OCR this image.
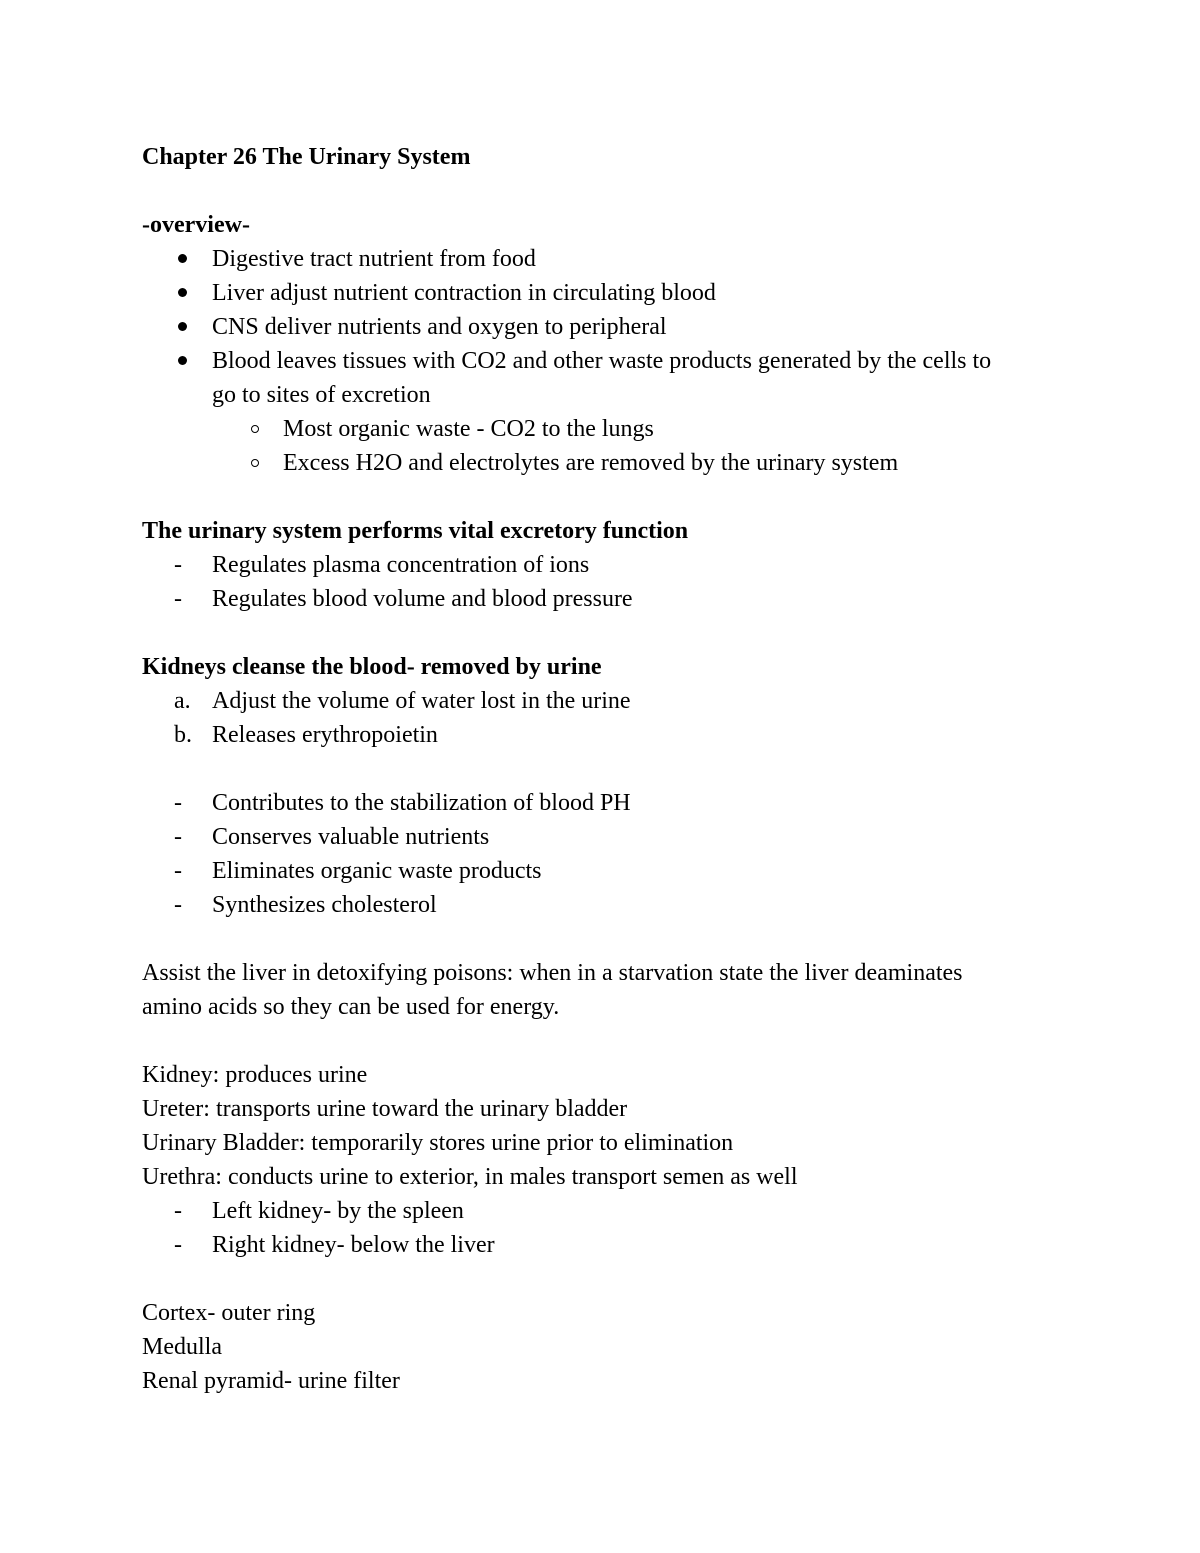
Chapter 26 The Urinary System

-overview-

Digestive tract nutrient from food
Liver adjust nutrient contraction in circulating blood
CNS deliver nutrients and oxygen to peripheral
Blood leaves tissues with CO2 and other waste products generated by the cells to
go to sites of excretion
Most organic waste - CO2 to the lungs
Excess H2O and electrolytes are removed by the urinary system

The urinary system performs vital excretory function

-	Regulates plasma concentration of ions
-	Regulates blood volume and blood pressure

Kidneys cleanse the blood- removed by urine

a. Adjust the volume of water lost in the urine
b. Releases erythropoietin
-	Contributes to the stabilization of blood PH
-	Conserves valuable nutrients
-	Eliminates organic waste products
-	Synthesizes cholesterol

Assist the liver in detoxifying poisons: when in a starvation state the liver deaminates

amino acids so they can be used for energy.

Kidney: produces urine

Ureter: transports urine toward the urinary bladder

Urinary Bladder: temporarily stores urine prior to elimination

Urethra: conducts urine to exterior, in males transport semen as well

-	Left kidney- by the spleen
-	Right kidney- below the liver

Cortex- outer ring

Medulla

Renal pyramid- urine filter
